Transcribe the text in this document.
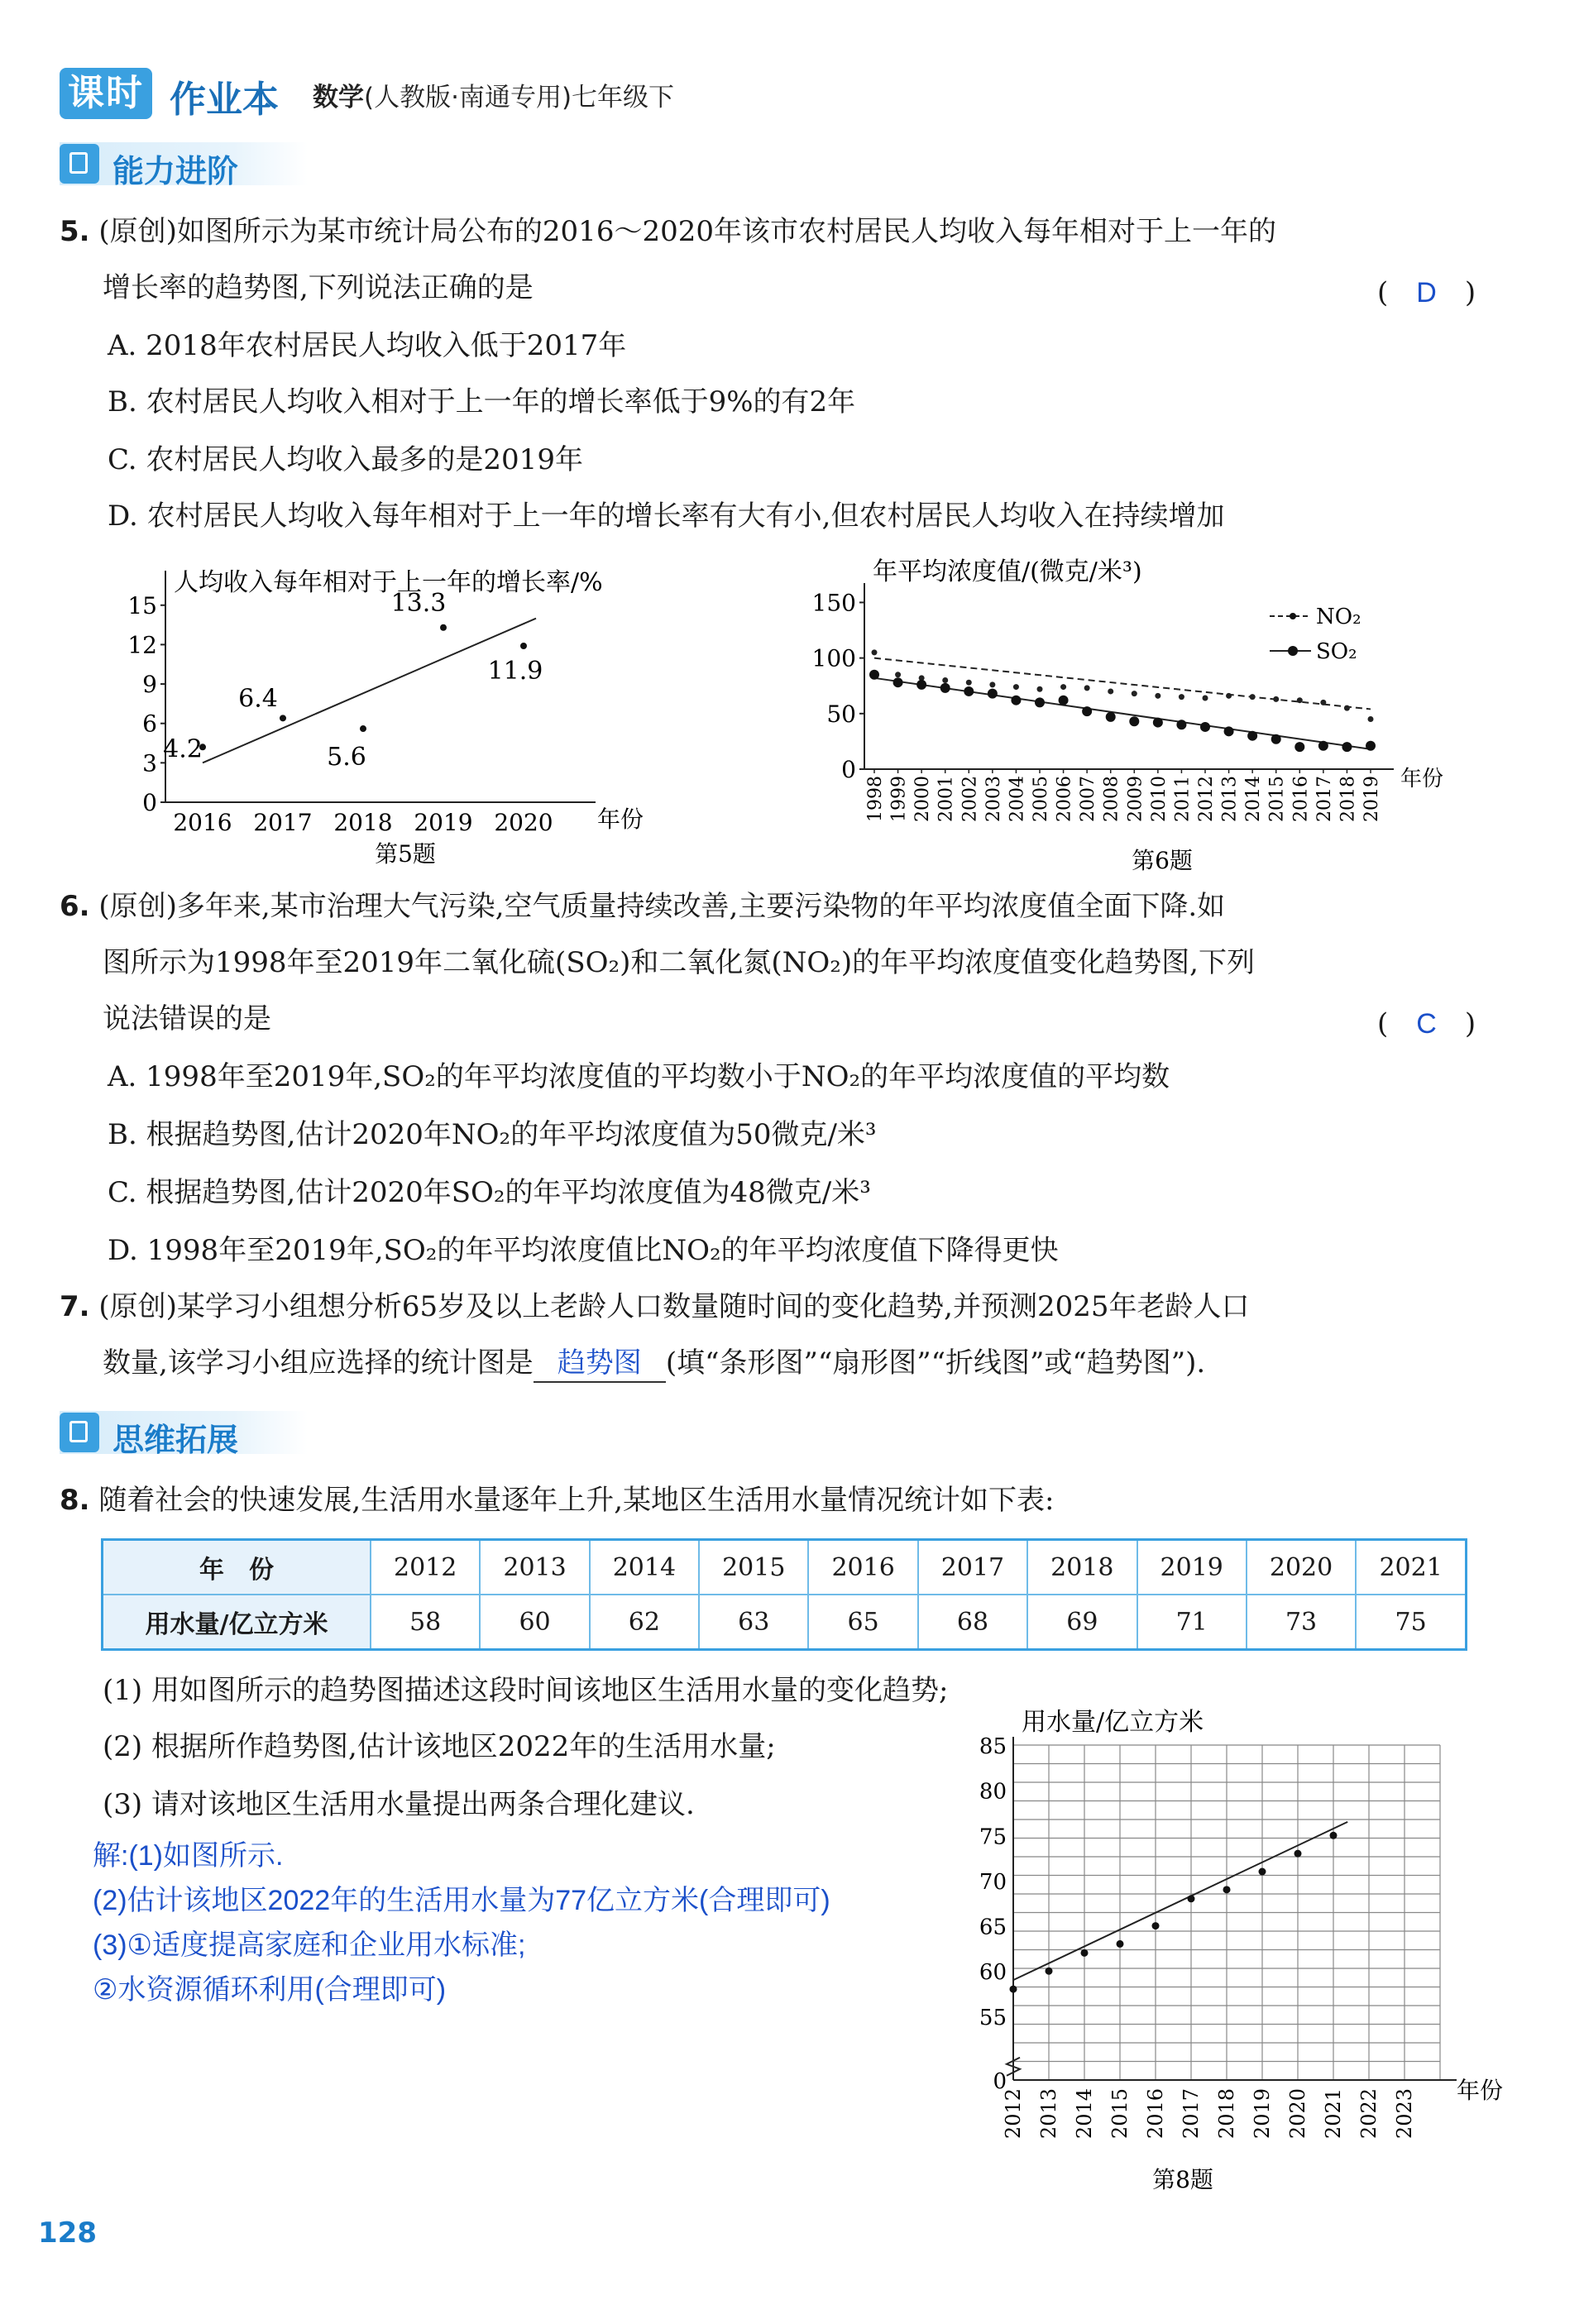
课时 作业本 数学(人教版·南通专用)七年级下
能力进阶
5. (原创)如图所示为某市统计局公布的2016～2020年该市农村居民人均收入每年相对于上一年的
增长率的趋势图,下列说法正确的是	(　D　)
A. 2018年农村居民人均收入低于2017年
B. 农村居民人均收入相对于上一年的增长率低于9%的有2年
C. 农村居民人均收入最多的是2019年
D. 农村居民人均收入每年相对于上一年的增长率有大有小,但农村居民人均收入在持续增加
人均收入每年相对于上一年的增长率/%
年份
0
3
6
9
12
15
2016 2017 2018 2019 2020
4.2
6.4
5.6
13.3
11.9
第5题
年平均浓度值/(微克/米³)
年份
0
50
100
150
1998 1999 2000 2001 2002 2003 2004 2005 2006 2007 2008 2009 2010 2011 2012 2013 2014 2015 2016 2017 2018 2019
NO₂
SO₂
第6题
6. (原创)多年来,某市治理大气污染,空气质量持续改善,主要污染物的年平均浓度值全面下降.如
图所示为1998年至2019年二氧化硫(SO₂)和二氧化氮(NO₂)的年平均浓度值变化趋势图,下列
说法错误的是	(　C　)
A. 1998年至2019年,SO₂的年平均浓度值的平均数小于NO₂的年平均浓度值的平均数
B. 根据趋势图,估计2020年NO₂的年平均浓度值为50微克/米³
C. 根据趋势图,估计2020年SO₂的年平均浓度值为48微克/米³
D. 1998年至2019年,SO₂的年平均浓度值比NO₂的年平均浓度值下降得更快
7. (原创)某学习小组想分析65岁及以上老龄人口数量随时间的变化趋势,并预测2025年老龄人口
数量,该学习小组应选择的统计图是 趋势图 (填“条形图”“扇形图”“折线图”或“趋势图”).
思维拓展
8. 随着社会的快速发展,生活用水量逐年上升,某地区生活用水量情况统计如下表:
年　份	2012	2013	2014	2015	2016	2017	2018	2019	2020	2021
用水量/亿立方米	58	60	62	63	65	68	69	71	73	75
(1) 用如图所示的趋势图描述这段时间该地区生活用水量的变化趋势;
(2) 根据所作趋势图,估计该地区2022年的生活用水量;
(3) 请对该地区生活用水量提出两条合理化建议.
解:(1)如图所示.
(2)估计该地区2022年的生活用水量为77亿立方米(合理即可)
(3)①适度提高家庭和企业用水标准;
②水资源循环利用(合理即可)
用水量/亿立方米
年份
0
55
60
65
70
75
80
85
2012 2013 2014 2015 2016 2017 2018 2019 2020 2021 2022 2023
第8题
128
